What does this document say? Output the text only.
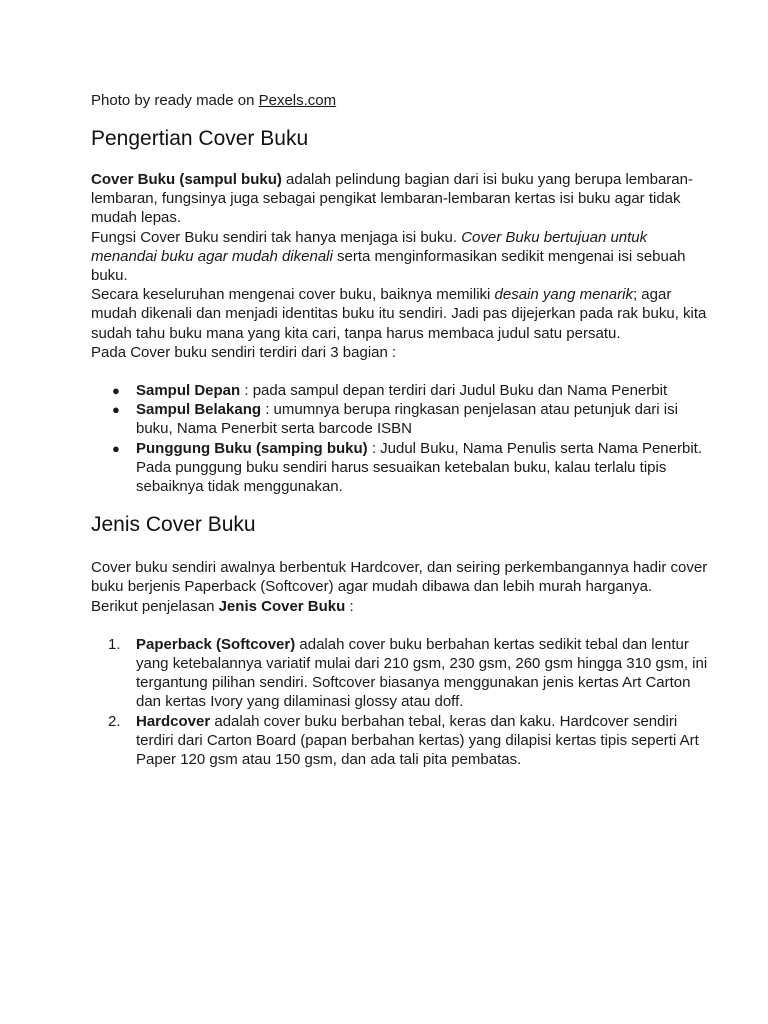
Photo by ready made on Pexels.com

Pengertian Cover Buku

Cover Buku (sampul buku) adalah pelindung bagian dari isi buku yang berupa lembaran-lembaran, fungsinya juga sebagai pengikat lembaran-lembaran kertas isi buku agar tidak mudah lepas.

Fungsi Cover Buku sendiri tak hanya menjaga isi buku. Cover Buku bertujuan untuk menandai buku agar mudah dikenali serta menginformasikan sedikit mengenai isi sebuah buku.

Secara keseluruhan mengenai cover buku, baiknya memiliki desain yang menarik; agar mudah dikenali dan menjadi identitas buku itu sendiri. Jadi pas dijejerkan pada rak buku, kita sudah tahu buku mana yang kita cari, tanpa harus membaca judul satu persatu.

Pada Cover buku sendiri terdiri dari 3 bagian :

● Sampul Depan : pada sampul depan terdiri dari Judul Buku dan Nama Penerbit
● Sampul Belakang : umumnya berupa ringkasan penjelasan atau petunjuk dari isi buku, Nama Penerbit serta barcode ISBN
● Punggung Buku (samping buku) : Judul Buku, Nama Penulis serta Nama Penerbit. Pada punggung buku sendiri harus sesuaikan ketebalan buku, kalau terlalu tipis sebaiknya tidak menggunakan.
Jenis Cover Buku

Cover buku sendiri awalnya berbentuk Hardcover, dan seiring perkembangannya hadir cover buku berjenis Paperback (Softcover) agar mudah dibawa dan lebih murah harganya.

Berikut penjelasan Jenis Cover Buku :

1. Paperback (Softcover) adalah cover buku berbahan kertas sedikit tebal dan lentur yang ketebalannya variatif mulai dari 210 gsm, 230 gsm, 260 gsm hingga 310 gsm, ini tergantung pilihan sendiri. Softcover biasanya menggunakan jenis kertas Art Carton dan kertas Ivory yang dilaminasi glossy atau doff.
2. Hardcover adalah cover buku berbahan tebal, keras dan kaku. Hardcover sendiri terdiri dari Carton Board (papan berbahan kertas) yang dilapisi kertas tipis seperti Art Paper 120 gsm atau 150 gsm, dan ada tali pita pembatas.
